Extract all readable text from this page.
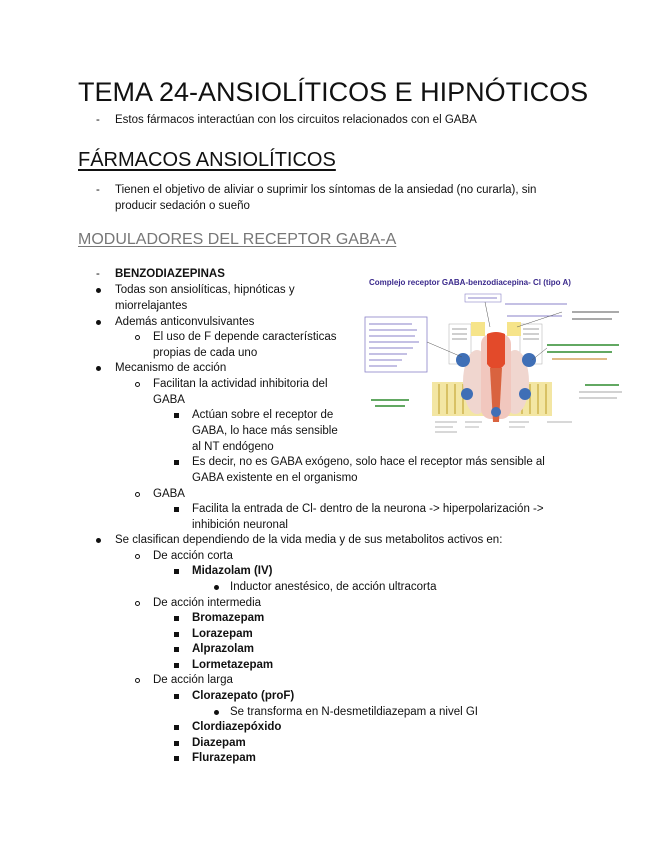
TEMA 24-ANSIOLÍTICOS E HIPNÓTICOS
- Estos fármacos interactúan con los circuitos relacionados con el GABA
FÁRMACOS ANSIOLÍTICOS
- Tienen el objetivo de aliviar o suprimir los síntomas de la ansiedad (no curarla), sin
producir sedación o sueño
MODULADORES DEL RECEPTOR GABA-A
- BENZODIAZEPINAS
Todas son ansiolíticas, hipnóticas y
miorrelajantes
Además anticonvulsivantes
El uso de F depende características
propias de cada uno
Mecanismo de acción
Facilitan la actividad inhibitoria del
GABA
Actúan sobre el receptor de
GABA, lo hace más sensible
al NT endógeno
Es decir, no es GABA exógeno, solo hace el receptor más sensible al
GABA existente en el organismo
GABA
Facilita la entrada de Cl- dentro de la neurona -> hiperpolarización ->
inhibición neuronal
Se clasifican dependiendo de la vida media y de sus metabolitos activos en:
De acción corta
Midazolam (IV)
Inductor anestésico, de acción ultracorta
De acción intermedia
Bromazepam
Lorazepam
Alprazolam
Lormetazepam
De acción larga
Clorazepato (proF)
Se transforma en N-desmetildiazepam a nivel GI
Clordiazepóxido
Diazepam
Flurazepam
Complejo receptor GABA-benzodiacepina- Cl (tipo A)
